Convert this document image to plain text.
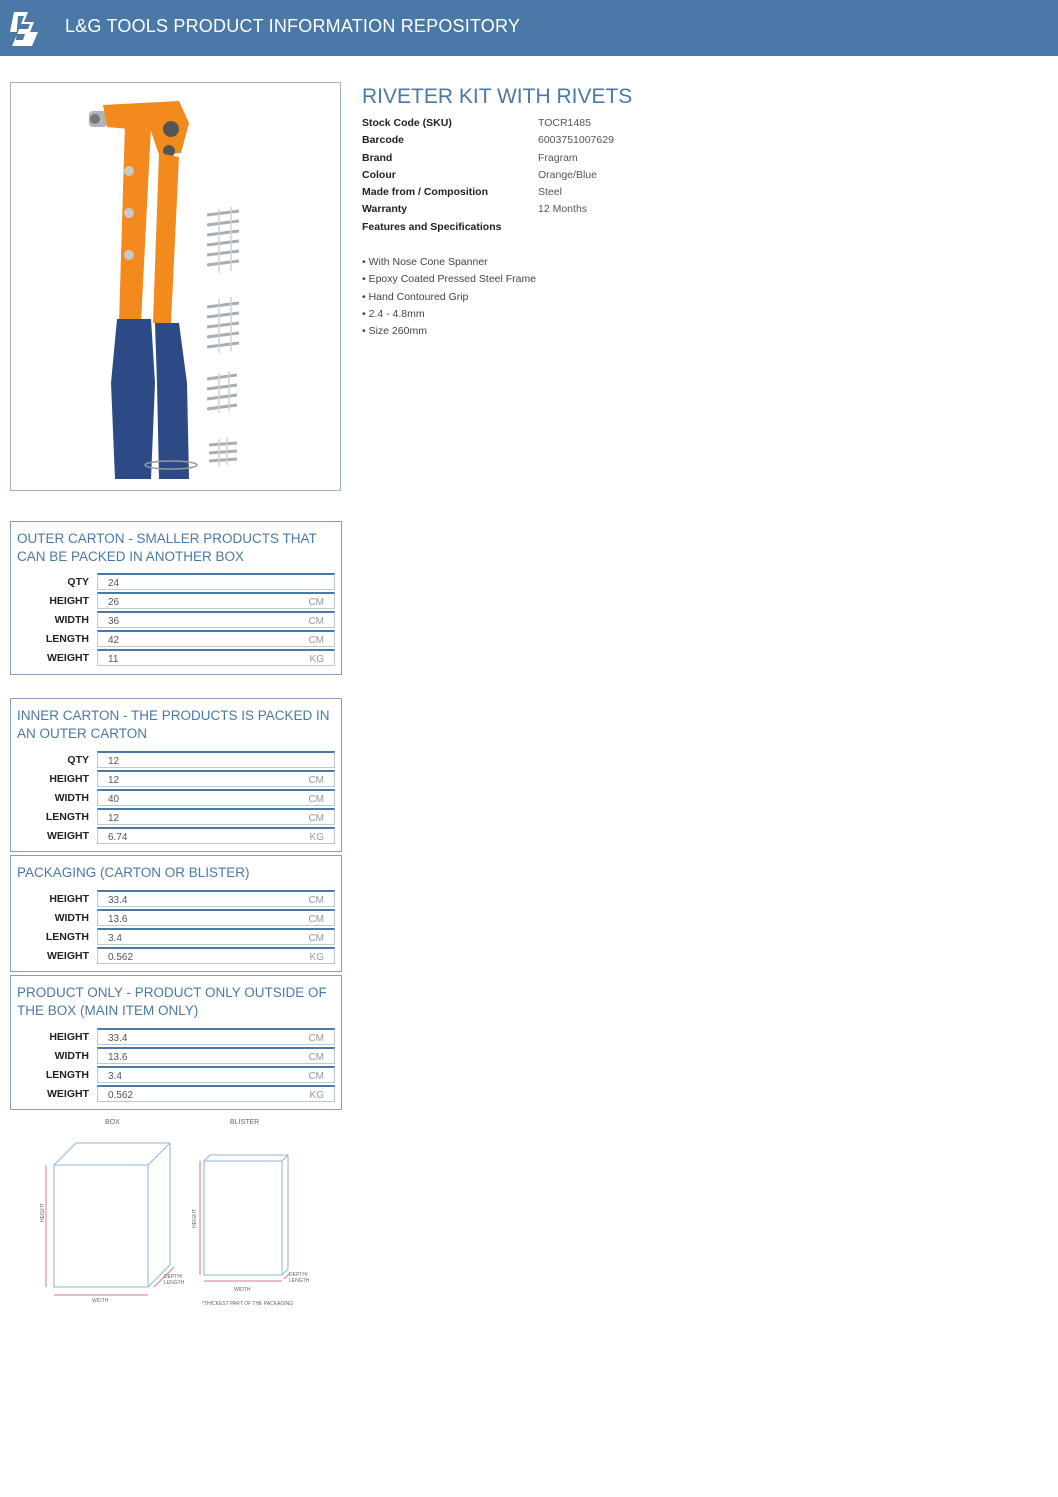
L&G TOOLS PRODUCT INFORMATION REPOSITORY
RIVETER KIT WITH RIVETS
Stock Code (SKU)	TOCR1485
Barcode	6003751007629
Brand	Fragram
Colour	Orange/Blue
Made from / Composition	Steel
Warranty	12 Months
Features and Specifications
• With Nose Cone Spanner
• Epoxy Coated Pressed Steel Frame
• Hand Contoured Grip
• 2.4 - 4.8mm
• Size 260mm
OUTER CARTON - SMALLER PRODUCTS THAT CAN BE PACKED IN ANOTHER BOX
QTY 24
HEIGHT 26	CM
WIDTH 36	CM
LENGTH 42	CM
WEIGHT 11	KG
INNER CARTON - THE PRODUCTS IS PACKED IN AN OUTER CARTON
QTY 12
HEIGHT 12	CM
WIDTH 40	CM
LENGTH 12	CM
WEIGHT 6.74	KG
PACKAGING (CARTON OR BLISTER)
HEIGHT 33.4	CM
WIDTH 13.6	CM
LENGTH 3.4	CM
WEIGHT 0.562	KG
PRODUCT ONLY - PRODUCT ONLY OUTSIDE OF THE BOX (MAIN ITEM ONLY)
HEIGHT 33.4	CM
WIDTH 13.6	CM
LENGTH 3.4	CM
WEIGHT 0.562	KG
BOX	BLISTER
HEIGHT	HEIGHT
WIDTH
WIDTH
DEPTH/ LENGTH
DEPTH/ LENGTH
*THICKEST PART OF THE PACKAGING
